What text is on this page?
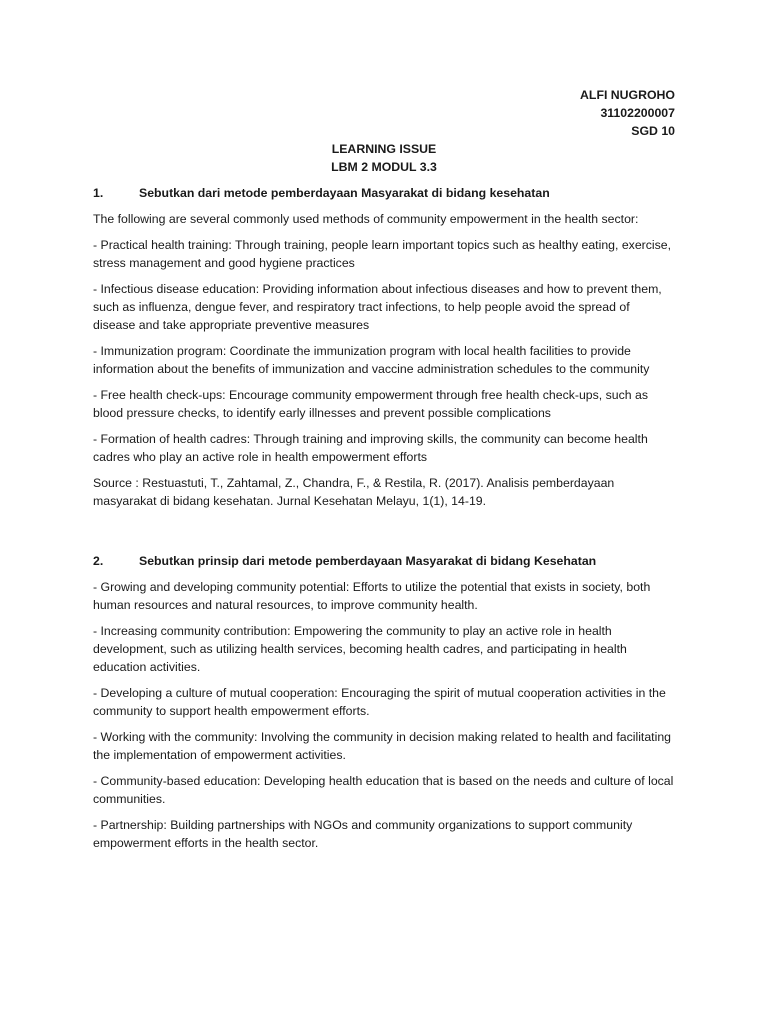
ALFI NUGROHO
31102200007
SGD 10
LEARNING ISSUE
LBM 2 MODUL 3.3
1.	Sebutkan dari metode pemberdayaan Masyarakat di bidang kesehatan

The following are several commonly used methods of community empowerment in the health sector:

- Practical health training: Through training, people learn important topics such as healthy eating, exercise, stress management and good hygiene practices

- Infectious disease education: Providing information about infectious diseases and how to prevent them, such as influenza, dengue fever, and respiratory tract infections, to help people avoid the spread of disease and take appropriate preventive measures

- Immunization program: Coordinate the immunization program with local health facilities to provide information about the benefits of immunization and vaccine administration schedules to the community

- Free health check-ups: Encourage community empowerment through free health check-ups, such as blood pressure checks, to identify early illnesses and prevent possible complications

- Formation of health cadres: Through training and improving skills, the community can become health cadres who play an active role in health empowerment efforts

Source : Restuastuti, T., Zahtamal, Z., Chandra, F., & Restila, R. (2017). Analisis pemberdayaan masyarakat di bidang kesehatan. Jurnal Kesehatan Melayu, 1(1), 14-19.

2.	Sebutkan prinsip dari metode pemberdayaan Masyarakat di bidang Kesehatan

- Growing and developing community potential: Efforts to utilize the potential that exists in society, both human resources and natural resources, to improve community health.

- Increasing community contribution: Empowering the community to play an active role in health development, such as utilizing health services, becoming health cadres, and participating in health education activities.

- Developing a culture of mutual cooperation: Encouraging the spirit of mutual cooperation activities in the community to support health empowerment efforts.

- Working with the community: Involving the community in decision making related to health and facilitating the implementation of empowerment activities.

- Community-based education: Developing health education that is based on the needs and culture of local communities.

- Partnership: Building partnerships with NGOs and community organizations to support community empowerment efforts in the health sector.
